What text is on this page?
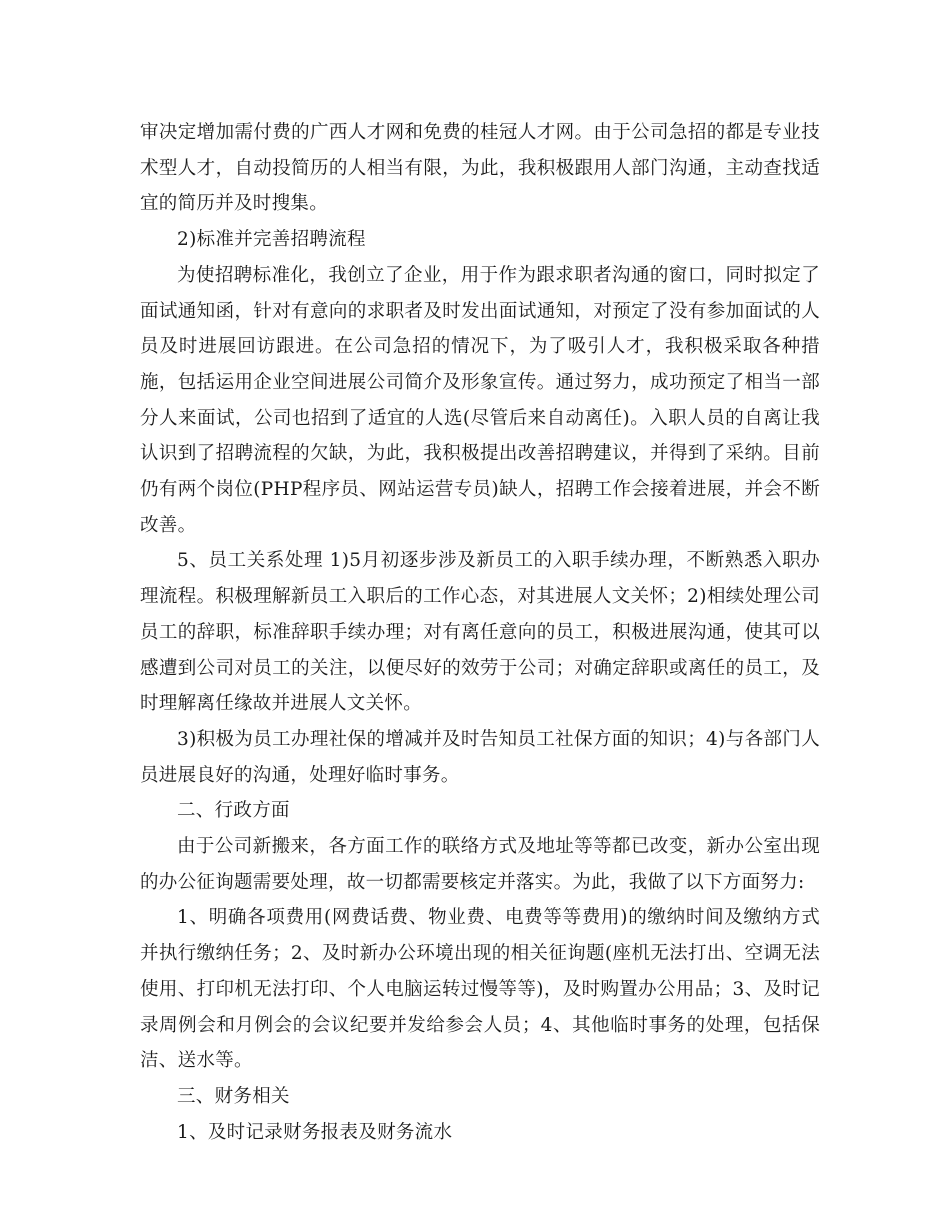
审决定增加需付费的广西人才网和免费的桂冠人才网。由于公司急招的都是专业技术型人才，自动投简历的人相当有限，为此，我积极跟用人部门沟通，主动查找适宜的简历并及时搜集。

2)标准并完善招聘流程

为使招聘标准化，我创立了企业，用于作为跟求职者沟通的窗口，同时拟定了面试通知函，针对有意向的求职者及时发出面试通知，对预定了没有参加面试的人员及时进展回访跟进。在公司急招的情况下，为了吸引人才，我积极采取各种措施，包括运用企业空间进展公司简介及形象宣传。通过努力，成功预定了相当一部分人来面试，公司也招到了适宜的人选(尽管后来自动离任)。入职人员的自离让我认识到了招聘流程的欠缺，为此，我积极提出改善招聘建议，并得到了采纳。目前仍有两个岗位(PHP程序员、网站运营专员)缺人，招聘工作会接着进展，并会不断改善。

5、员工关系处理 1)5月初逐步涉及新员工的入职手续办理，不断熟悉入职办理流程。积极理解新员工入职后的工作心态，对其进展人文关怀；2)相续处理公司员工的辞职，标准辞职手续办理；对有离任意向的员工，积极进展沟通，使其可以感遭到公司对员工的关注，以便尽好的效劳于公司；对确定辞职或离任的员工，及时理解离任缘故并进展人文关怀。

3)积极为员工办理社保的增减并及时告知员工社保方面的知识；4)与各部门人员进展良好的沟通，处理好临时事务。

二、行政方面

由于公司新搬来，各方面工作的联络方式及地址等等都已改变，新办公室出现的办公征询题需要处理，故一切都需要核定并落实。为此，我做了以下方面努力:

1、明确各项费用(网费话费、物业费、电费等等费用)的缴纳时间及缴纳方式并执行缴纳任务；2、及时新办公环境出现的相关征询题(座机无法打出、空调无法使用、打印机无法打印、个人电脑运转过慢等等)，及时购置办公用品；3、及时记录周例会和月例会的会议纪要并发给参会人员；4、其他临时事务的处理，包括保洁、送水等。

三、财务相关

1、及时记录财务报表及财务流水
